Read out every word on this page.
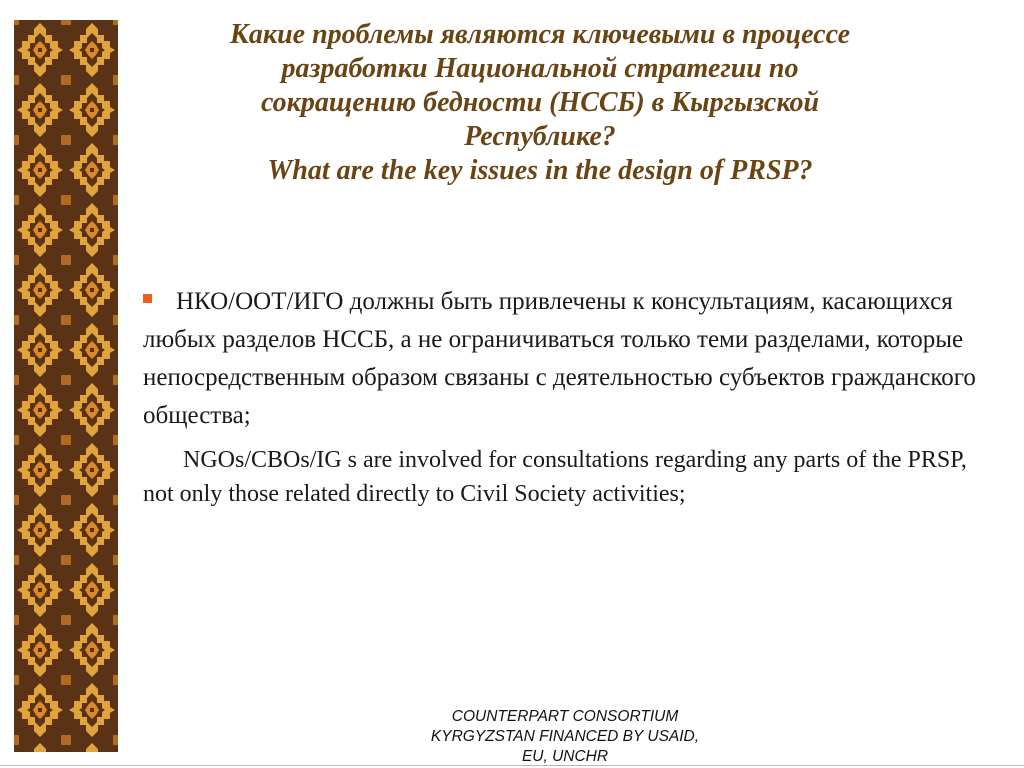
Какие проблемы являются ключевыми в процессе
разработки Национальной стратегии по
сокращению бедности (НССБ) в Кыргызской
Республике?
What are the key issues in the design of PRSP?

НКО/ООТ/ИГО должны быть привлечены к консультациям, касающихся любых разделов НССБ, а не ограничиваться только теми разделами, которые непосредственным образом связаны с деятельностью субъектов гражданского общества;

NGOs/CBOs/IG s are involved for consultations regarding any parts of the PRSP, not only those related directly to Civil Society activities;

COUNTERPART CONSORTIUM
KYRGYZSTAN FINANCED BY USAID,
EU, UNCHR
